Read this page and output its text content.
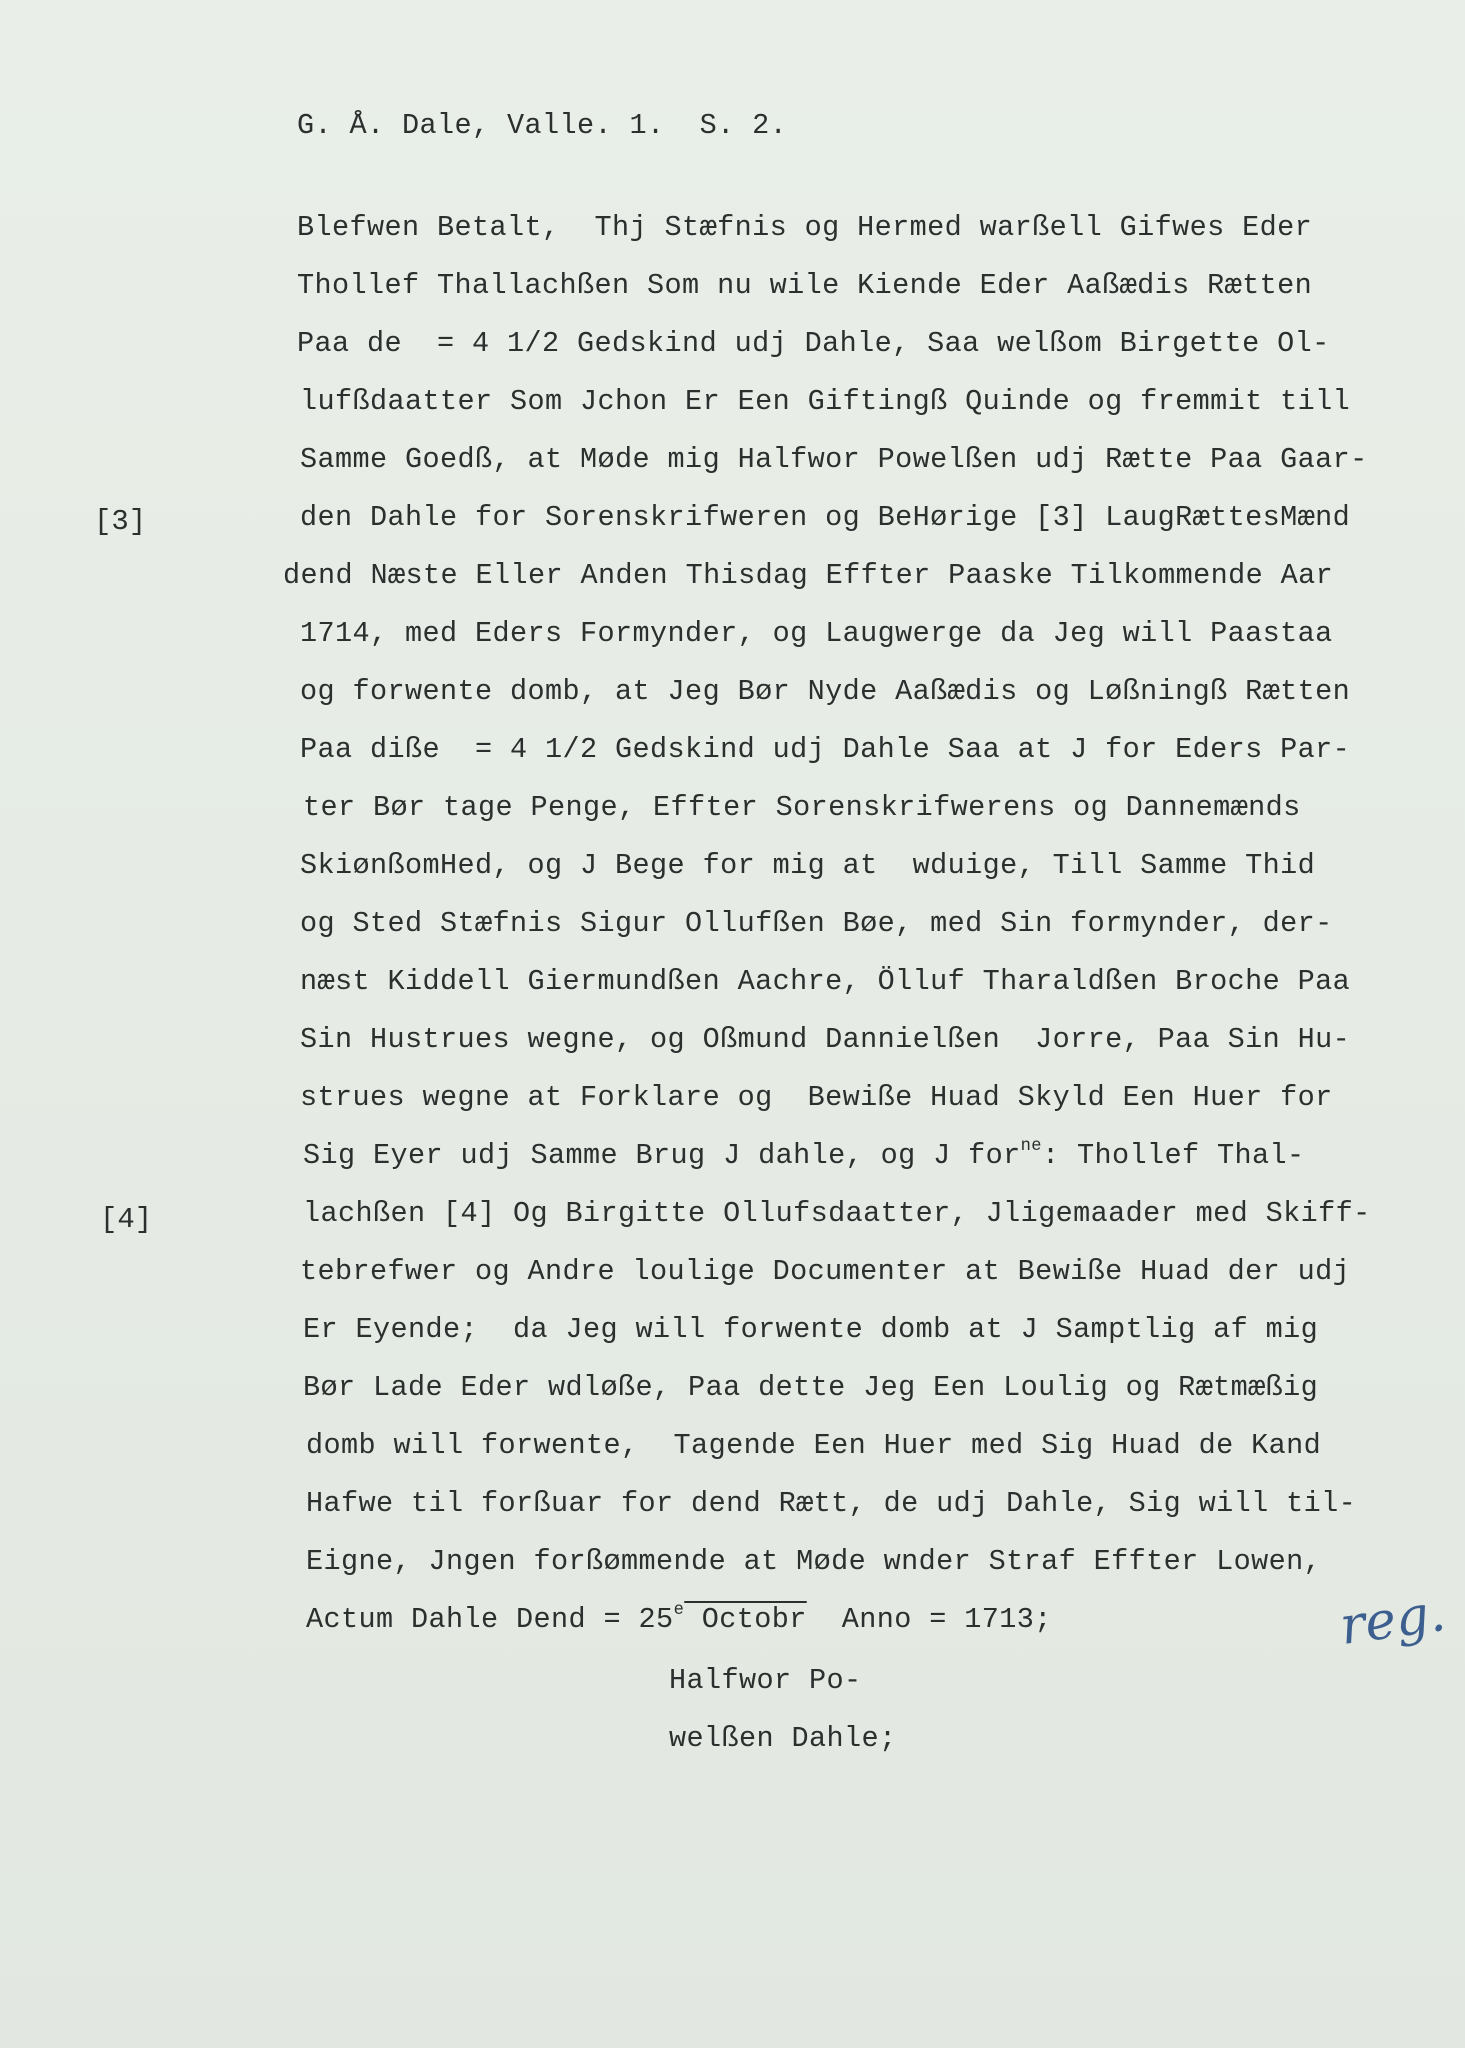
G. Å. Dale, Valle. 1.  S. 2.
[3]
[4]
Blefwen Betalt,  Thj Stæfnis og Hermed warßell Gifwes Eder
Thollef Thallachßen Som nu wile Kiende Eder Aaßædis Rætten
Paa de  = 4 1/2 Gedskind udj Dahle, Saa welßom Birgette Ol-
lufßdaatter Som Jchon Er Een Giftingß Quinde og fremmit till
Samme Goedß, at Møde mig Halfwor Powelßen udj Rætte Paa Gaar-
den Dahle for Sorenskrifweren og BeHørige [3] LaugRættesMænd
dend Næste Eller Anden Thisdag Effter Paaske Tilkommende Aar
1714, med Eders Formynder, og Laugwerge da Jeg will Paastaa
og forwente domb, at Jeg Bør Nyde Aaßædis og Løßningß Rætten
Paa dißе  = 4 1/2 Gedskind udj Dahle Saa at J for Eders Par-
ter Bør tage Penge, Effter Sorenskrifwerens og Dannemænds
SkiønßomHed, og J Bege for mig at  wduige, Till Samme Thid
og Sted Stæfnis Sigur Ollufßen Bøe, med Sin formynder, der-
næst Kiddell Giermundßen Aachre, Ölluf Tharaldßen Broche Paa
Sin Hustrues wegne, og Oßmund Dannielßen  Jorre, Paa Sin Hu-
strues wegne at Forklare og  Bewiße Huad Skyld Een Huer for
Sig Eyer udj Samme Brug J dahle, og J for$^{ne}$: Thollef Thal-
lachßen [4] Og Birgitte Ollufsdaatter, Jligemaader med Skiff-
tebrefwer og Andre loulige Documenter at Bewiße Huad der udj
Er Eyende;  da Jeg will forwente domb at J Samptlig af mig
Bør Lade Eder wdløße, Paa dette Jeg Een Loulig og Rætmæßig
domb will forwente,  Tagende Een Huer med Sig Huad de Kand
Hafwe til forßuar for dend Rætt, de udj Dahle, Sig will til-
Eigne, Jngen forßømmende at Møde wnder Straf Effter Lowen,
Actum Dahle Dend = $25^e$ Octobr  Anno = 1713;
Halfwor Po-
welßen Dahle;
reg.
